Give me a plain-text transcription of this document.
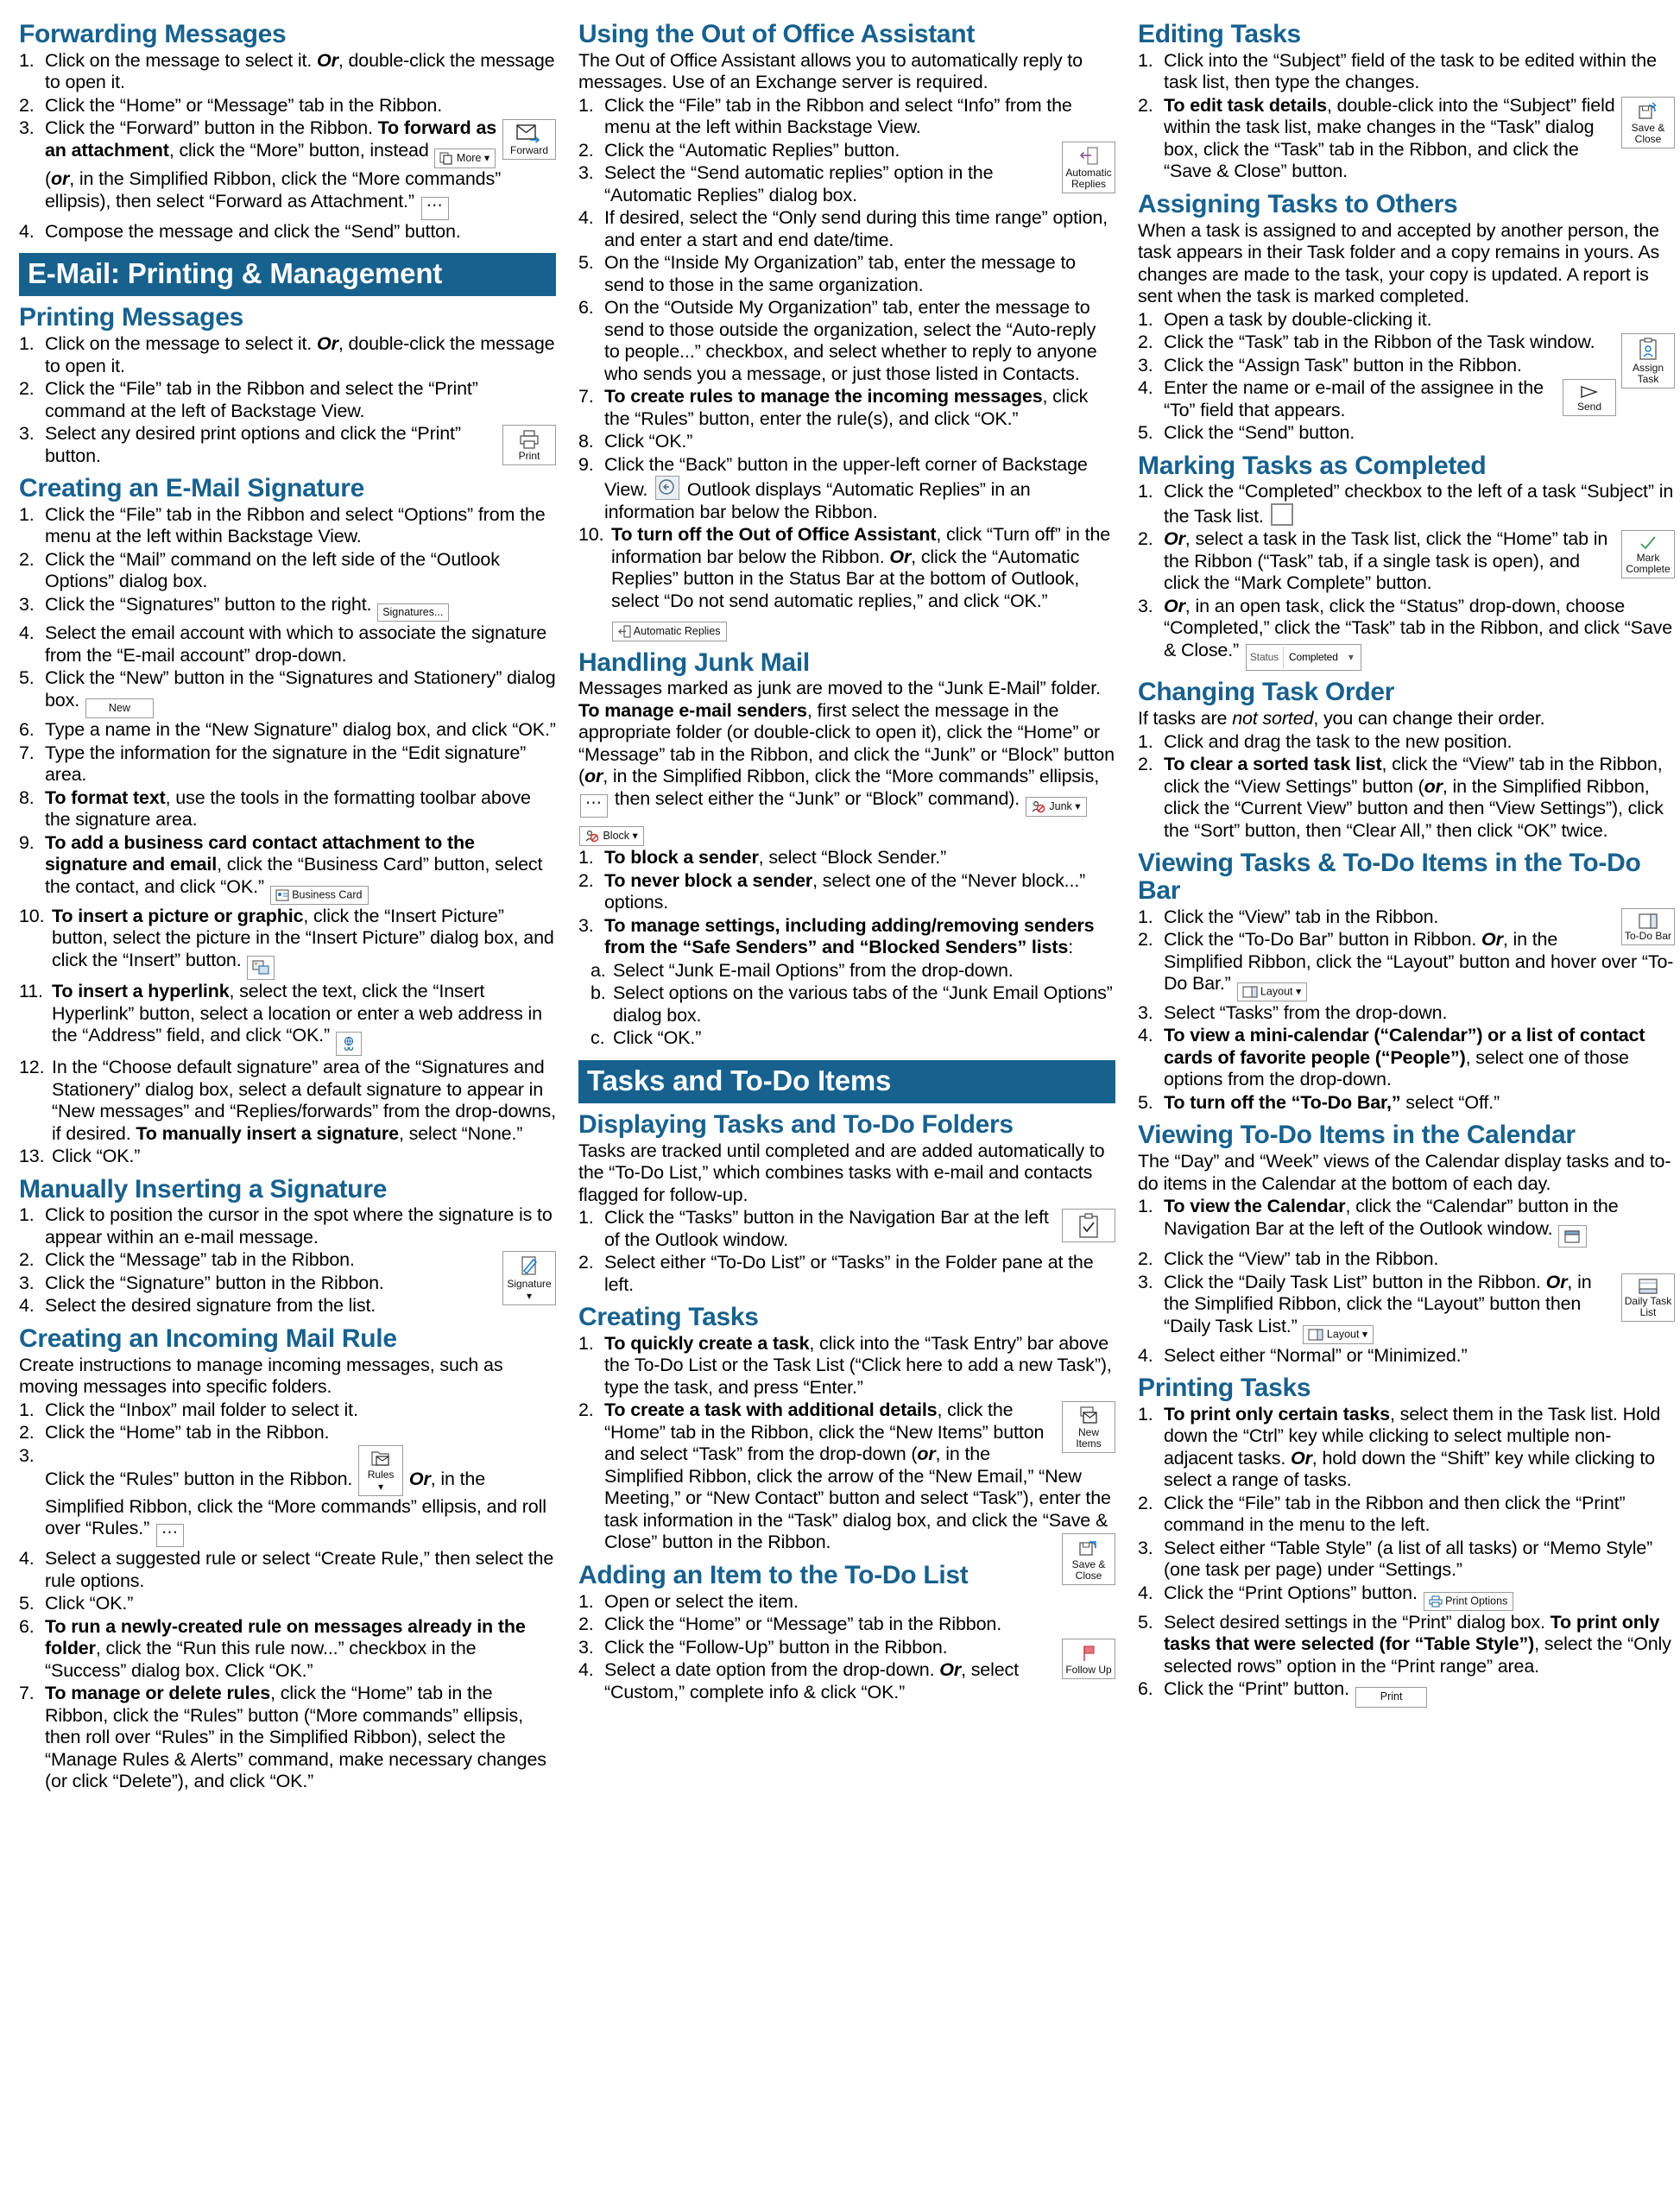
Forwarding Messages
1. Click on the message to select it. Or, double-click the message to open it.
2. Click the “Home” or “Message” tab in the Ribbon.
Forward
3. Click the “Forward” button in the Ribbon. To forward as an attachment, click the “More” button, instead
More ▾ (or, in the Simplified Ribbon, click the “More commands” ellipsis), then select “Forward as Attachment.” ⋯
4. Compose the message and click the “Send” button.
E-Mail: Printing & Management
Printing Messages
1. Click on the message to select it. Or, double-click the message to open it.
2. Click the “File” tab in the Ribbon and select the “Print” command at the left of Backstage View.
Print
3. Select any desired print options and click the “Print” button.
Creating an E-Mail Signature
1. Click the “File” tab in the Ribbon and select “Options” from the menu at the left within Backstage View.
2. Click the “Mail” command on the left side of the “Outlook Options” dialog box.
3. Click the “Signatures” button to the right. Signatures...
4. Select the email account with which to associate the signature from the “E-mail account” drop-down.
5. Click the “New” button in the “Signatures and Stationery” dialog box. New
6. Type a name in the “New Signature” dialog box, and click “OK.”
7. Type the information for the signature in the “Edit signature” area.
8. To format text, use the tools in the formatting toolbar above the signature area.
9. To add a business card contact attachment to the signature and email, click the “Business Card” button, select the contact, and click “OK.”
Business Card
10. To insert a picture or graphic, click the “Insert Picture” button, select the picture in the “Insert Picture” dialog box, and click the “Insert” button.
11. To insert a hyperlink, select the text, click the “Insert Hyperlink” button, select a location or enter a web address in the “Address” field, and click “OK.”
12. In the “Choose default signature” area of the “Signatures and Stationery” dialog box, select a default signature to appear in “New messages” and “Replies/forwards” from the drop-downs, if desired. To manually insert a signature, select “None.”
13. Click “OK.”
Manually Inserting a Signature
1. Click to position the cursor in the spot where the signature is to appear within an e-mail message.
Signature
▾
2. Click the “Message” tab in the Ribbon.
3. Click the “Signature” button in the Ribbon.
4. Select the desired signature from the list.
Creating an Incoming Mail Rule

Create instructions to manage incoming messages, such as moving messages into specific folders.

1. Click the “Inbox” mail folder to select it.
2. Click the “Home” tab in the Ribbon.
3.
Click the “Rules” button in the Ribbon. Rules
▾	Or, in the Simplified Ribbon, click the “More commands” ellipsis, and roll over “Rules.” ⋯
4. Select a suggested rule or select “Create Rule,” then select the rule options.
5. Click “OK.”
6. To run a newly-created rule on messages already in the folder, click the “Run this rule now...” checkbox in the “Success” dialog box. Click “OK.”
7. To manage or delete rules, click the “Home” tab in the Ribbon, click the “Rules” button (“More commands” ellipsis, then roll over “Rules” in the Simplified Ribbon), select the “Manage Rules & Alerts” command, make necessary changes (or click “Delete”), and click “OK.”
Using the Out of Office Assistant

The Out of Office Assistant allows you to automatically reply to messages. Use of an Exchange server is required.

1. Click the “File” tab in the Ribbon and select “Info” from the menu at the left within Backstage View.
Automatic Replies
2. Click the “Automatic Replies” button.
3. Select the “Send automatic replies” option in the “Automatic Replies” dialog box.
4. If desired, select the “Only send during this time range” option, and enter a start and end date/time.
5. On the “Inside My Organization” tab, enter the message to send to those in the same organization.
6. On the “Outside My Organization” tab, enter the message to send to those outside the organization, select the “Auto-reply to people...” checkbox, and select whether to reply to anyone who sends you a message, or just those listed in Contacts.
7. To create rules to manage the incoming messages, click the “Rules” button, enter the rule(s), and click “OK.”
8. Click “OK.”
9. Click the “Back” button in the upper-left corner of Backstage View.
Outlook displays “Automatic Replies” in an information bar below the Ribbon.
10. To turn off the Out of Office Assistant, click “Turn off” in the information bar below the Ribbon. Or, click the “Automatic Replies” button in the Status Bar at the bottom of Outlook, select “Do not send automatic replies,” and click “OK.”
Automatic Replies
Handling Junk Mail

Messages marked as junk are moved to the “Junk E-Mail” folder. To manage e-mail senders, first select the message in the appropriate folder (or double-click to open it), click the “Home” or “Message” tab in the Ribbon, and click the “Junk” or “Block” button (or, in the Simplified Ribbon, click the “More commands” ellipsis, ⋯ then select either the “Junk” or “Block” command).
Junk ▾
Block ▾

1. To block a sender, select “Block Sender.”
2. To never block a sender, select one of the “Never block...” options.
3. To manage settings, including adding/removing senders from the “Safe Senders” and “Blocked Senders” lists:
a. Select “Junk E-mail Options” from the drop-down.
b. Select options on the various tabs of the “Junk Email Options” dialog box.
c. Click “OK.”
Tasks and To-Do Items
Displaying Tasks and To-Do Folders

Tasks are tracked until completed and are added automatically to the “To-Do List,” which combines tasks with e-mail and contacts flagged for follow-up.

1. Click the “Tasks” button in the Navigation Bar at the left of the Outlook window.
2. Select either “To-Do List” or “Tasks” in the Folder pane at the left.
Creating Tasks
1. To quickly create a task, click into the “Task Entry” bar above the To-Do List or the Task List (“Click here to add a new Task”), type the task, and press “Enter.”
New Items
2. To create a task with additional details, click the “Home” tab in the Ribbon, click the “New Items” button and select “Task” from the drop-down (or, in the Simplified Ribbon, click the arrow of the “New Email,” “New Meeting,” or “New Contact” button and select “Task”), enter the task information in the “Task” dialog box, and click the “Save & Close” button in the Ribbon.
Save & Close
Adding an Item to the To-Do List
1. Open or select the item.
2. Click the “Home” or “Message” tab in the Ribbon.
Follow Up
3. Click the “Follow-Up” button in the Ribbon.
4. Select a date option from the drop-down. Or, select “Custom,” complete info & click “OK.”
Editing Tasks
1. Click into the “Subject” field of the task to be edited within the task list, then type the changes.
Save & Close
2. To edit task details, double-click into the “Subject” field within the task list, make changes in the “Task” dialog box, click the “Task” tab in the Ribbon, and click the “Save & Close” button.
Assigning Tasks to Others

When a task is assigned to and accepted by another person, the task appears in their Task folder and a copy remains in yours. As changes are made to the task, your copy is updated. A report is sent when the task is marked completed.

1. Open a task by double-clicking it.
Assign Task
2. Click the “Task” tab in the Ribbon of the Task window.
3. Click the “Assign Task” button in the Ribbon.
Send
4. Enter the name or e-mail of the assignee in the “To” field that appears.
5. Click the “Send” button.
Marking Tasks as Completed
1. Click the “Completed” checkbox to the left of a task “Subject” in the Task list.
Mark Complete
2. Or, select a task in the Task list, click the “Home” tab in the Ribbon (“Task” tab, if a single task is open), and click the “Mark Complete” button.
3. Or, in an open task, click the “Status” drop-down, choose “Completed,” click the “Task” tab in the Ribbon, and click “Save & Close.” Status Completed ▾
Changing Task Order

If tasks are not sorted, you can change their order.

1. Click and drag the task to the new position.
2. To clear a sorted task list, click the “View” tab in the Ribbon, click the “View Settings” button (or, in the Simplified Ribbon, click the “Current View” button and then “View Settings”), click the “Sort” button, then “Clear All,” then click “OK” twice.
Viewing Tasks & To-Do Items in the To-Do Bar
To-Do Bar
1. Click the “View” tab in the Ribbon.
2. Click the “To-Do Bar” button in Ribbon. Or, in the Simplified Ribbon, click the “Layout” button and hover over “To-Do Bar.”
Layout ▾
3. Select “Tasks” from the drop-down.
4. To view a mini-calendar (“Calendar”) or a list of contact cards of favorite people (“People”), select one of those options from the drop-down.
5. To turn off the “To-Do Bar,” select “Off.”
Viewing To-Do Items in the Calendar

The “Day” and “Week” views of the Calendar display tasks and to-do items in the Calendar at the bottom of each day.

1. To view the Calendar, click the “Calendar” button in the Navigation Bar at the left of the Outlook window.
2. Click the “View” tab in the Ribbon.
Daily Task List
3. Click the “Daily Task List” button in the Ribbon. Or, in the Simplified Ribbon, click the “Layout” button then “Daily Task List.”
Layout ▾
4. Select either “Normal” or “Minimized.”
Printing Tasks
1. To print only certain tasks, select them in the Task list. Hold down the “Ctrl” key while clicking to select multiple non-adjacent tasks. Or, hold down the “Shift” key while clicking to select a range of tasks.
2. Click the “File” tab in the Ribbon and then click the “Print” command in the menu to the left.
3. Select either “Table Style” (a list of all tasks) or “Memo Style” (one task per page) under “Settings.”
4. Click the “Print Options” button.
Print Options
5. Select desired settings in the “Print” dialog box. To print only tasks that were selected (for “Table Style”), select the “Only selected rows” option in the “Print range” area.
6. Click the “Print” button. Print
